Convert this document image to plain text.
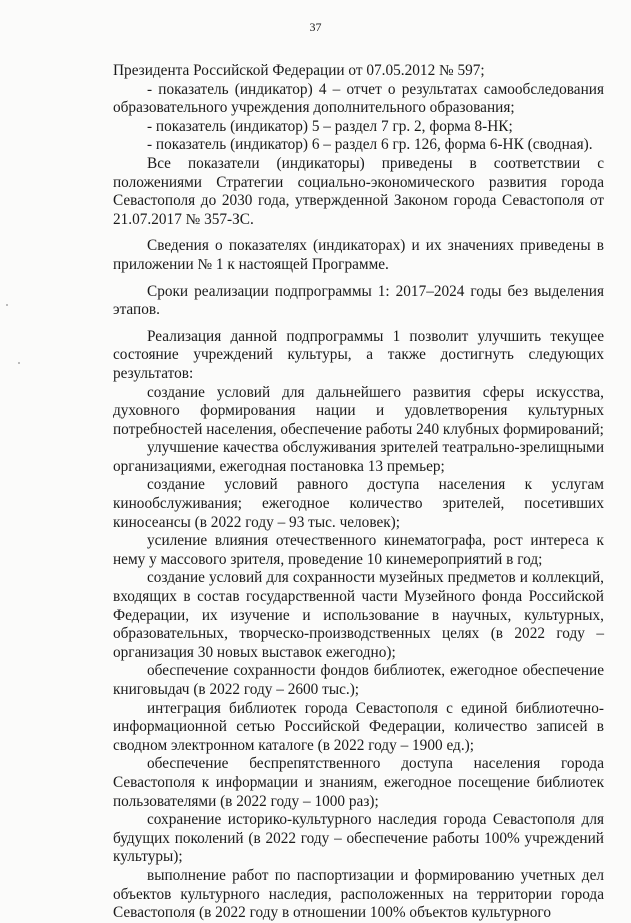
37

Президента Российской Федерации от 07.05.2012 № 597;

- показатель (индикатор) 4 – отчет о результатах самообследования образовательного учреждения дополнительного образования;

- показатель (индикатор) 5 – раздел 7 гр. 2, форма 8-НК;

- показатель (индикатор) 6 – раздел 6 гр. 126, форма 6-НК (сводная).

Все показатели (индикаторы) приведены в соответствии с положениями Стратегии социально-экономического развития города Севастополя до 2030 года, утвержденной Законом города Севастополя от 21.07.2017 № 357-ЗС.

Сведения о показателях (индикаторах) и их значениях приведены в приложении № 1 к настоящей Программе.

Сроки реализации подпрограммы 1: 2017–2024 годы без выделения этапов.

Реализация данной подпрограммы 1 позволит улучшить текущее состояние учреждений культуры, а также достигнуть следующих результатов:

создание условий для дальнейшего развития сферы искусства, духовного формирования нации и удовлетворения культурных потребностей населения, обеспечение работы 240 клубных формирований;

улучшение качества обслуживания зрителей театрально-зрелищными организациями, ежегодная постановка 13 премьер;

создание условий равного доступа населения к услугам кинообслуживания; ежегодное количество зрителей, посетивших киносеансы (в 2022 году – 93 тыс. человек);

усиление влияния отечественного кинематографа, рост интереса к нему у массового зрителя, проведение 10 кинемероприятий в год;

создание условий для сохранности музейных предметов и коллекций, входящих в состав государственной части Музейного фонда Российской Федерации, их изучение и использование в научных, культурных, образовательных, творческо-производственных целях (в 2022 году – организация 30 новых выставок ежегодно);

обеспечение сохранности фондов библиотек, ежегодное обеспечение книговыдач (в 2022 году – 2600 тыс.);

интеграция библиотек города Севастополя с единой библиотечно-информационной сетью Российской Федерации, количество записей в сводном электронном каталоге (в 2022 году – 1900 ед.);

обеспечение беспрепятственного доступа населения города Севастополя к информации и знаниям, ежегодное посещение библиотек пользователями (в 2022 году – 1000 раз);

сохранение историко-культурного наследия города Севастополя для будущих поколений (в 2022 году – обеспечение работы 100% учреждений культуры);

выполнение работ по паспортизации и формированию учетных дел объектов культурного наследия, расположенных на территории города Севастополя (в 2022 году в отношении 100% объектов культурного
